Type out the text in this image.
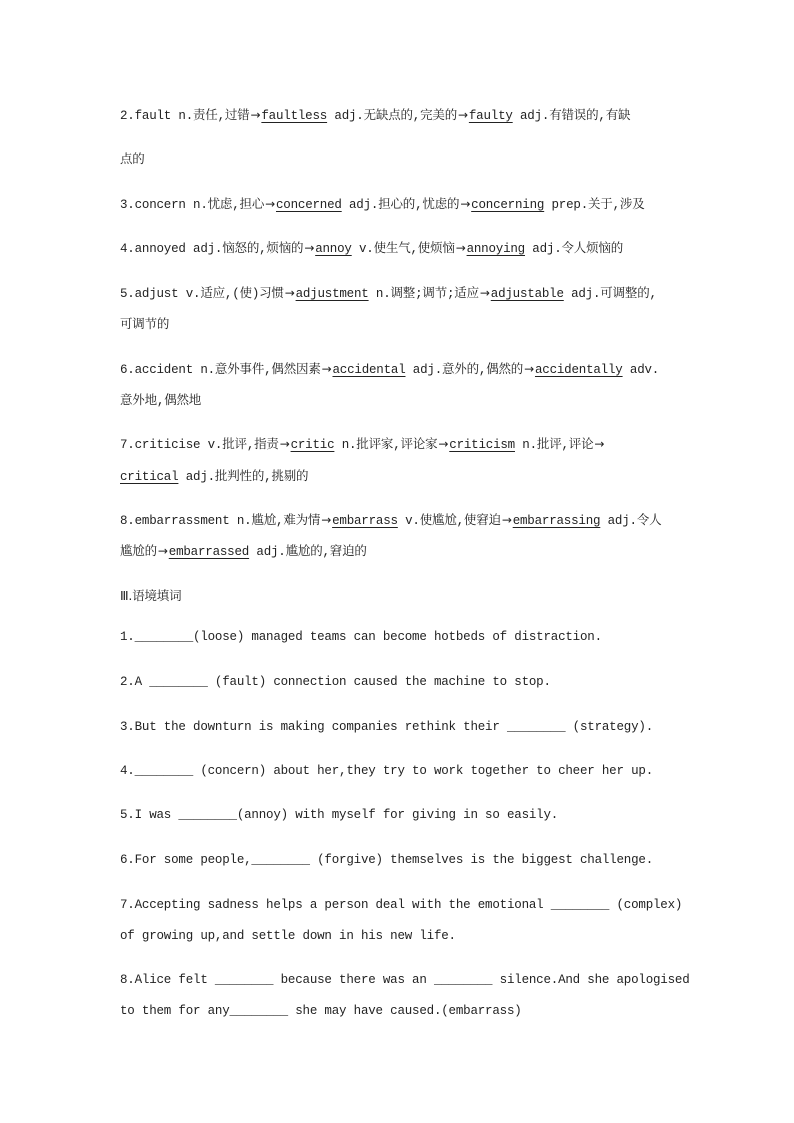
2.fault n.责任,过错→faultless adj.无缺点的,完美的→faulty adj.有错误的,有缺
点的
3.concern n.忧虑,担心→concerned adj.担心的,忧虑的→concerning prep.关于,涉及
4.annoyed adj.恼怒的,烦恼的→annoy v.使生气,使烦恼→annoying adj.令人烦恼的
5.adjust v.适应,(使)习惯→adjustment n.调整;调节;适应→adjustable adj.可调整的,
可调节的
6.accident n.意外事件,偶然因素→accidental adj.意外的,偶然的→accidentally adv.
意外地,偶然地
7.criticise v.批评,指责→critic n.批评家,评论家→criticism n.批评,评论→
critical adj.批判性的,挑剔的
8.embarrassment n.尴尬,难为情→embarrass v.使尴尬,使窘迫→embarrassing adj.令人
尴尬的→embarrassed adj.尴尬的,窘迫的
Ⅲ.语境填词
1.________(loose) managed teams can become hotbeds of distraction.
2.A ________ (fault) connection caused the machine to stop.
3.But the downturn is making companies rethink their ________ (strategy).
4.________ (concern) about her,they try to work together to cheer her up.
5.I was ________(annoy) with myself for giving in so easily.
6.For some people,________ (forgive) themselves is the biggest challenge.
7.Accepting sadness helps a person deal with the emotional ________ (complex)
of growing up,and settle down in his new life.
8.Alice felt ________ because there was an ________ silence.And she apologised
to them for any________ she may have caused.(embarrass)
